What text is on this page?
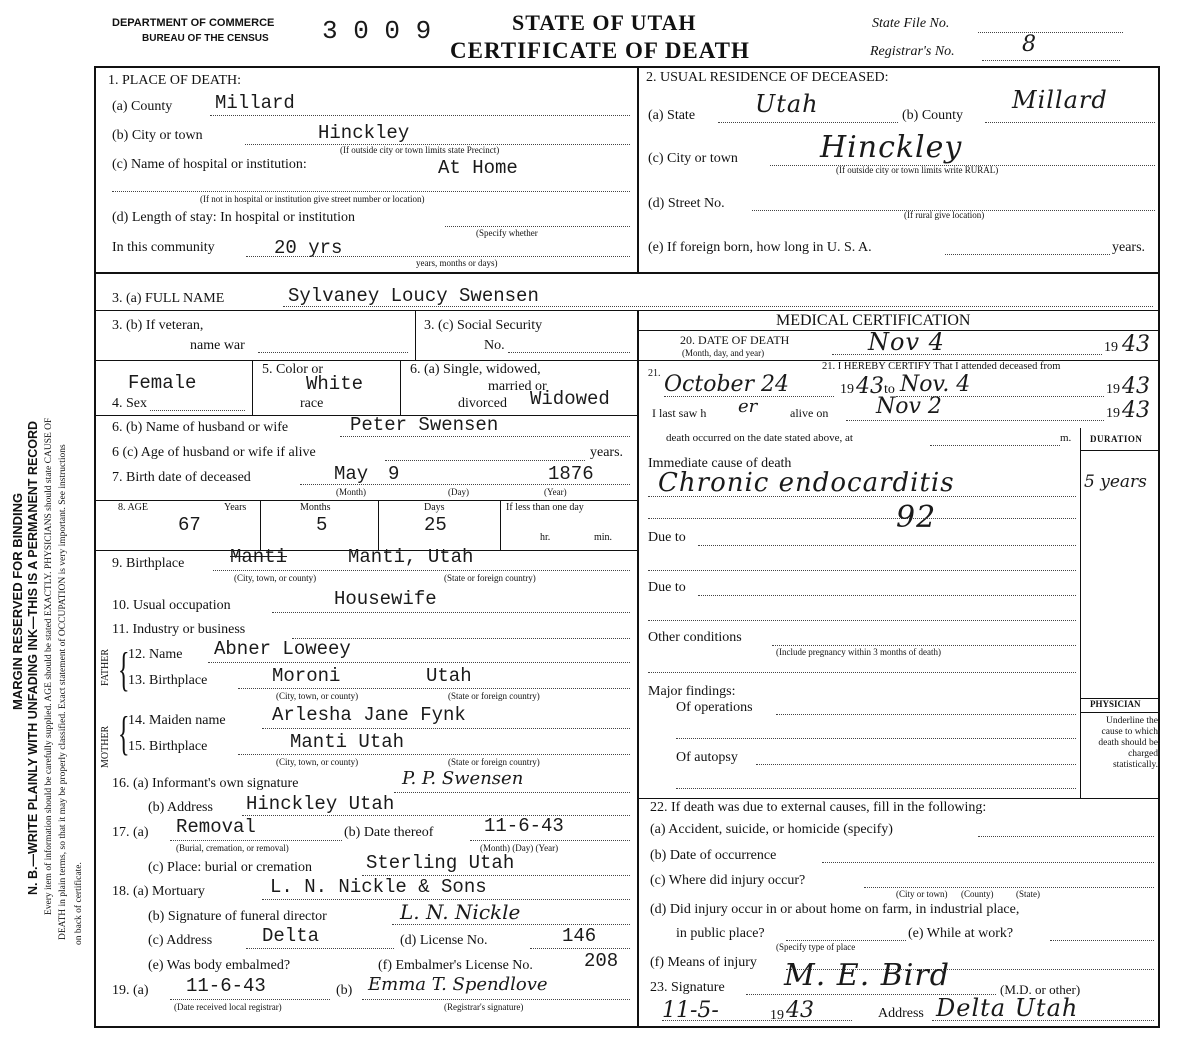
MARGIN RESERVED FOR BINDING N. B.—WRITE PLAINLY WITH UNFADING INK—THIS IS A PERMANENT RECORD Every item of information should be carefully supplied. AGE should be stated EXACTLY. PHYSICIANS should state CAUSE OF DEATH in plain terms, so that it may be properly classified. Exact statement of OCCUPATION is very important. See instructions on back of certificate.
DEPARTMENT OF COMMERCE
BUREAU OF THE CENSUS 3 0 0 9	STATE OF UTAH
CERTIFICATE OF DEATH
State File No.
Registrar's No.	8
1. PLACE OF DEATH:
(a) County Millard
(b) City or town	Hinckley
(If outside city or town limits state Precinct)
(c) Name of hospital or institution:	At Home
(If not in hospital or institution give street number or location)
(d) Length of stay: In hospital or institution
(Specify whether
In this community	20 yrs
years, months or days)
2. USUAL RESIDENCE OF DECEASED:
(a) State Utah	(b) County
Millard
(c) City or town	Hinckley
(If outside city or town limits write RURAL)
(d) Street No.
(If rural give location)
(e) If foreign born, how long in U. S. A.	years.
3. (a) FULL NAME	Sylvaney Loucy Swensen
3. (b) If veteran,
name war
3. (c) Social Security
No.
Female
4. Sex
5. Color or
White
race
6. (a) Single, widowed,
married or
divorced Widowed
6. (b) Name of husband or wife	Peter Swensen
6 (c) Age of husband or wife if alive	years.
7. Birth date of deceased	May 9	1876
(Month)	(Day)	(Year)
8. AGE	Years	Months	Days	If less than one day
67	5	25
hr.	min.
9. Birthplace Manti	Manti, Utah
(City, town, or county)	(State or foreign country)
10. Usual occupation	Housewife
11. Industry or business
FATHER {
12. Name Abner Loweey
13. Birthplace	Moroni	Utah
(City, town, or county)	(State or foreign country)
MOTHER {
14. Maiden name Arlesha Jane Fynk
15. Birthplace	Manti Utah
(City, town, or county)	(State or foreign country)
16. (a) Informant's own signature	P. P. Swensen
(b) Address Hinckley Utah
17. (a) Removal
(Burial, cremation, or removal)
(b) Date thereof	11-6-43
(Month) (Day) (Year)
(c) Place: burial or cremation	Sterling Utah
18. (a) Mortuary	L. N. Nickle & Sons
(b) Signature of funeral director	L. N. Nickle
(c) Address	Delta	(d) License No.	146
(e) Was body embalmed?	(f) Embalmer's License No.	208
19. (a) 11-6-43
(Date received local registrar)
(b) Emma T. Spendlove
(Registrar's signature)
MEDICAL CERTIFICATION
20. DATE OF DEATH
(Month, day, and year)	Nov 4	19 43
21. I HEREBY CERTIFY That I attended deceased from
21. October 24	19 43 to Nov. 4	19 43
I last saw h er	alive on Nov 2	19 43
death occurred on the date stated above, at	m. DURATION
Immediate cause of death
Chronic endocarditis	5 years
92
Due to
Due to
Other conditions
(Include pregnancy within 3 months of death)
Major findings:
Of operations
Of autopsy
PHYSICIAN
Underline the cause to which death should be charged statistically.
22. If death was due to external causes, fill in the following:
(a) Accident, suicide, or homicide (specify)
(b) Date of occurrence
(c) Where did injury occur?
(City or town)      (County)          (State)
(d) Did injury occur in or about home on farm, in industrial place,
in public place?
(Specify type of place
(e) While at work?
(f) Means of injury
23. Signature M. E. Bird	(M.D. or other)
11-5-	19 43	Address Delta Utah
